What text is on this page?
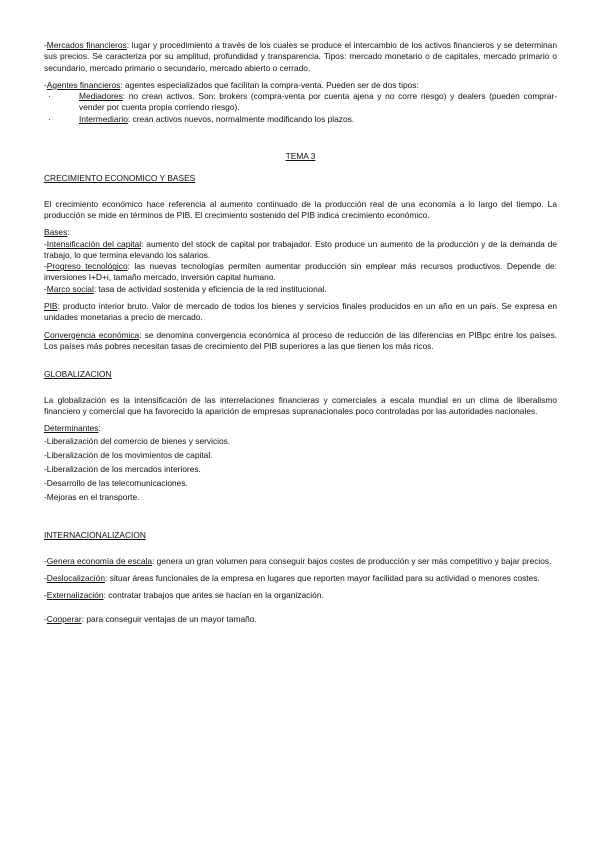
-Mercados financieros: lugar y procedimiento a través de los cuales se produce el intercambio de los activos financieros y se determinan sus precios. Se caracteriza por su amplitud, profundidad y transparencia. Tipos: mercado monetario o de capitales, mercado primario o secundario, mercado primario o secundario, mercado abierto o cerrado.

-Agentes financieros: agentes especializados que facilitan la compra-venta. Pueden ser de dos tipos:

·	Mediadores: no crean activos. Son: brokers (compra-venta por cuenta ajena y no corre riesgo) y dealers (pueden comprar-vender por cuenta propia corriendo riesgo).

·	Intermediario: crean activos nuevos, normalmente modificando los plazos.

TEMA 3

CRECIMIENTO ECONOMICO Y BASES

El crecimiento económico hace referencia al aumento continuado de la producción real de una economía a lo largo del tiempo. La producción se mide en términos de PIB. El crecimiento sostenido del PIB indica crecimiento económico.

Bases:

-Intensificación del capital: aumento del stock de capital por trabajador. Esto produce un aumento de la producción y de la demanda de trabajo, lo que termina elevando los salarios.

-Progreso tecnológico: las nuevas tecnologías permiten aumentar producción sin emplear más recursos productivos. Depende de: inversiones I+D+i, tamaño mercado, inversión capital humano.

-Marco social: tasa de actividad sostenida y eficiencia de la red institucional.

PIB: producto interior bruto. Valor de mercado de todos los bienes y servicios finales producidos en un año en un país. Se expresa en unidades monetarias a precio de mercado.

Convergencia económica: se denomina convergencia económica al proceso de reducción de las diferencias en PIBpc entre los países. Los países más pobres necesitan tasas de crecimiento del PIB superiores a las que tienen los más ricos.

GLOBALIZACION

La globalización es la intensificación de las interrelaciones financieras y comerciales a escala mundial en un clima de liberalismo financiero y comercial que ha favorecido la aparición de empresas supranacionales poco controladas por las autoridades nacionales.

Determinantes:

-Liberalización del comercio de bienes y servicios.

-Liberalización de los movimientos de capital.

-Liberalización de los mercados interiores.

-Desarrollo de las telecomunicaciones.

-Mejoras en el transporte.

INTERNACIONALIZACION

-Genera economía de escala: genera un gran volumen para conseguir bajos costes de producción y ser más competitivo y bajar precios.

-Deslocalización: situar áreas funcionales de la empresa en lugares que reporten mayor facilidad para su actividad o menores costes.

-Externalización: contratar trabajos que antes se hacían en la organización.

-Cooperar: para conseguir ventajas de un mayor tamaño.
